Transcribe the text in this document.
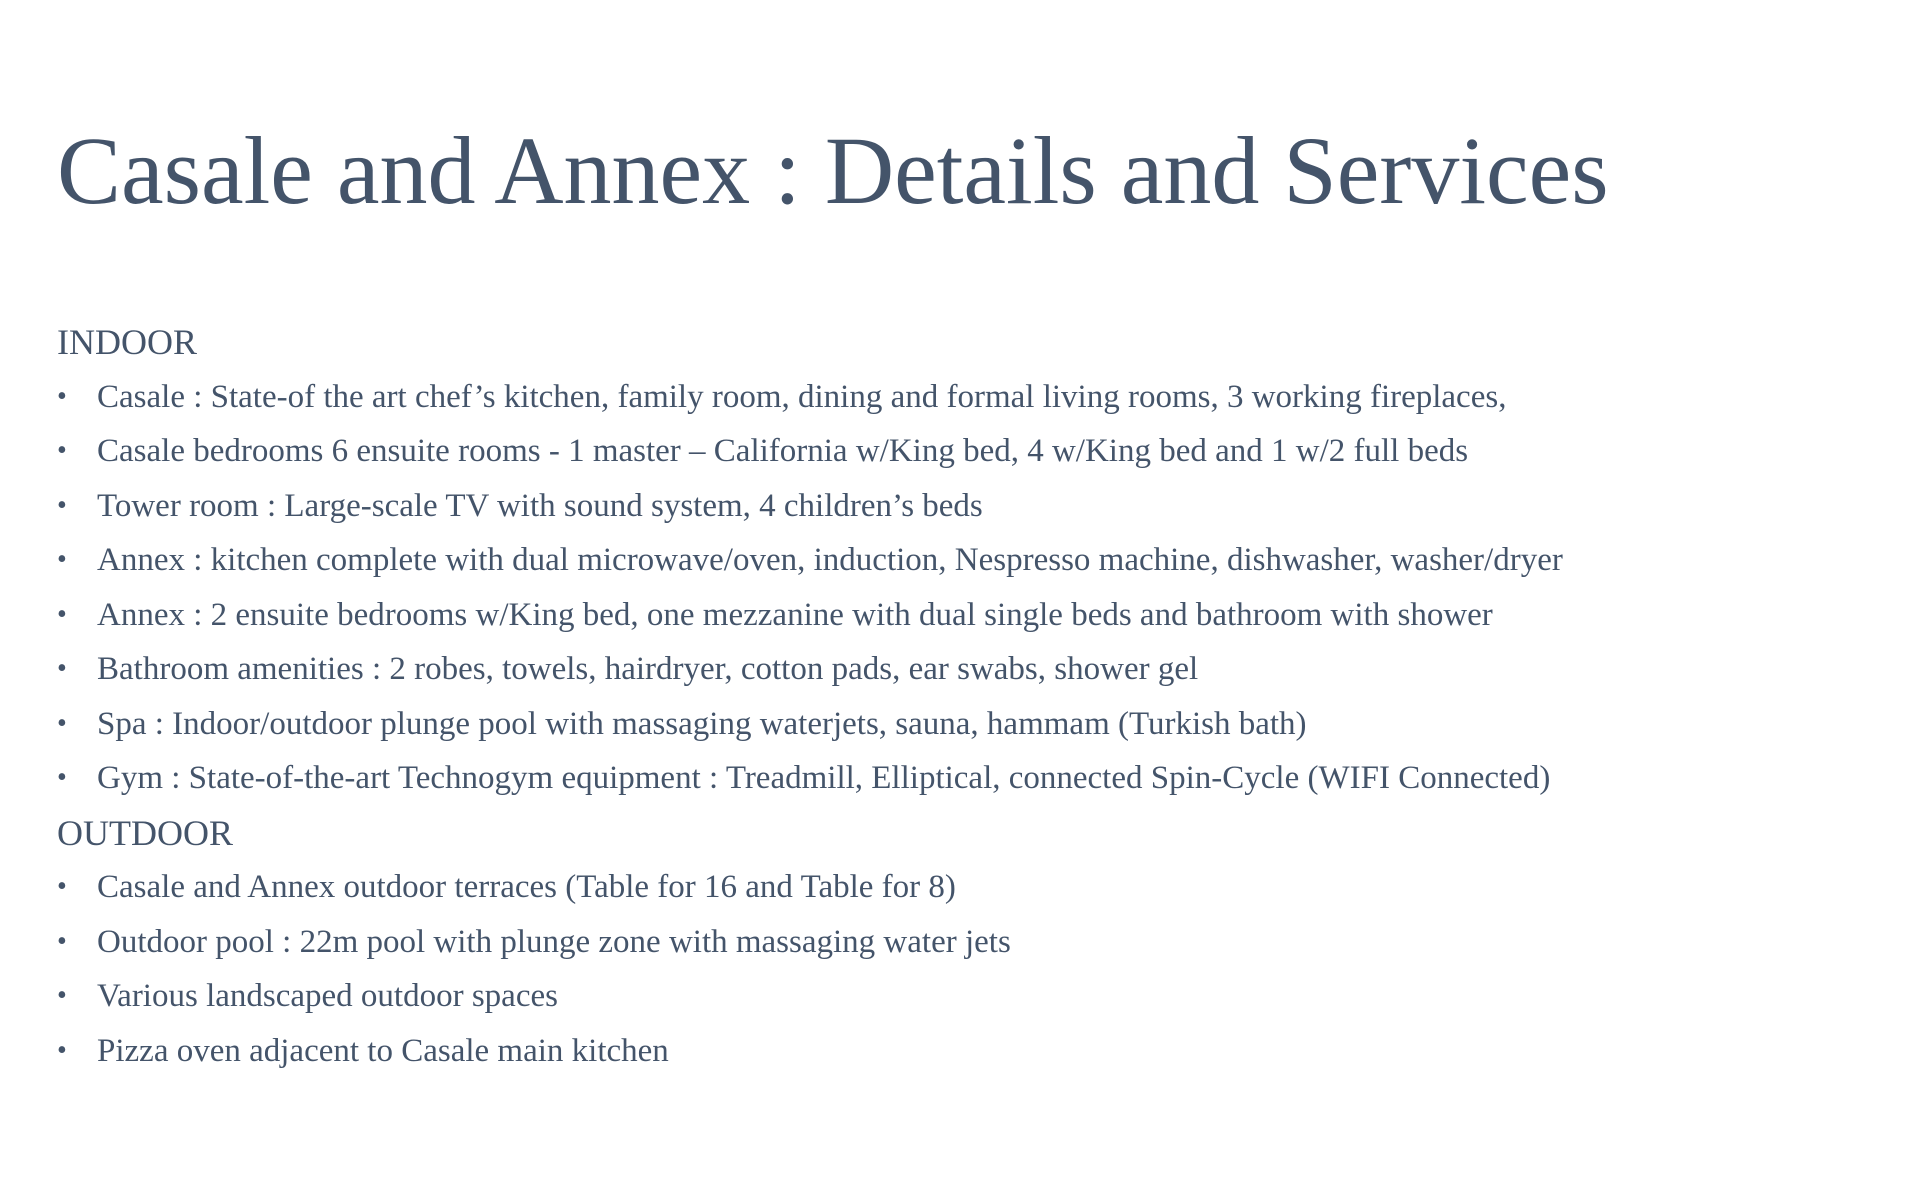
Casale and Annex : Details and Services
INDOOR
• Casale : State-of the art chef’s kitchen, family room, dining and formal living rooms, 3 working fireplaces,
• Casale bedrooms 6 ensuite rooms - 1 master – California w/King bed, 4 w/King bed and 1 w/2 full beds
• Tower room : Large-scale TV with sound system, 4 children’s beds
• Annex : kitchen complete with dual microwave/oven, induction, Nespresso machine, dishwasher, washer/dryer
• Annex : 2 ensuite bedrooms w/King bed, one mezzanine with dual single beds and bathroom with shower
• Bathroom amenities : 2 robes, towels, hairdryer, cotton pads, ear swabs, shower gel
• Spa : Indoor/outdoor plunge pool with massaging waterjets, sauna, hammam (Turkish bath)
• Gym : State-of-the-art Technogym equipment : Treadmill, Elliptical, connected Spin-Cycle (WIFI Connected)
OUTDOOR
• Casale and Annex outdoor terraces (Table for 16 and Table for 8)
• Outdoor pool : 22m pool with plunge zone with massaging water jets
• Various landscaped outdoor spaces
• Pizza oven adjacent to Casale main kitchen
